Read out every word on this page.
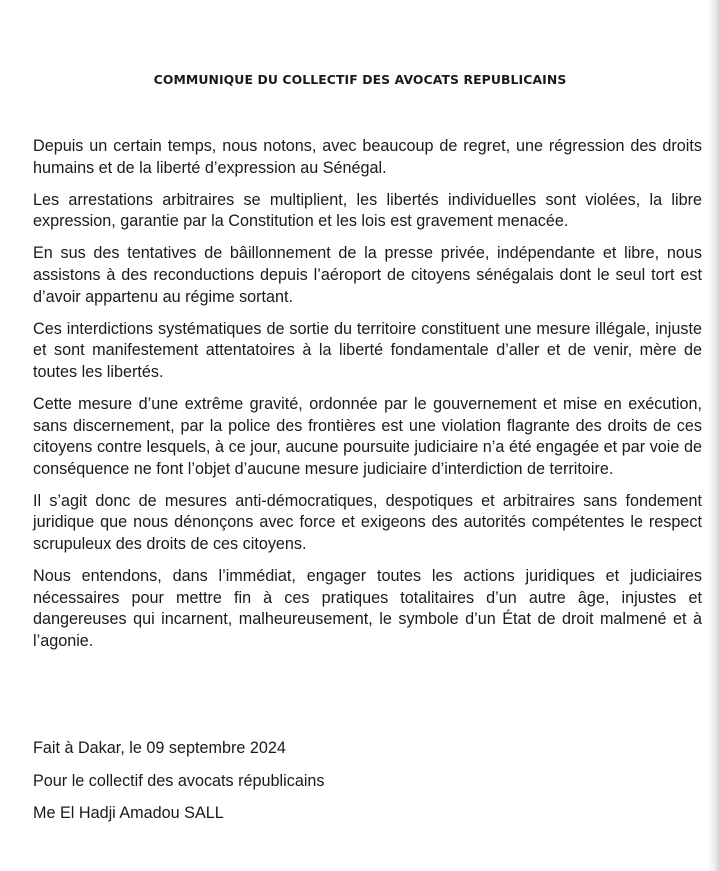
COMMUNIQUE DU COLLECTIF DES AVOCATS REPUBLICAINS

Depuis un certain temps, nous notons, avec beaucoup de regret, une régression des droits humains et de la liberté d’expression au Sénégal.

Les arrestations arbitraires se multiplient, les libertés individuelles sont violées, la libre expression, garantie par la Constitution et les lois est gravement menacée.

En sus des tentatives de bâillonnement de la presse privée, indépendante et libre, nous assistons à des reconductions depuis l’aéroport de citoyens sénégalais dont le seul tort est d’avoir appartenu au régime sortant.

Ces interdictions systématiques de sortie du territoire constituent une mesure illégale, injuste et sont manifestement attentatoires à la liberté fondamentale d’aller et de venir, mère de toutes les libertés.

Cette mesure d’une extrême gravité, ordonnée par le gouvernement et mise en exécution, sans discernement, par la police des frontières est une violation flagrante des droits de ces citoyens contre lesquels, à ce jour, aucune poursuite judiciaire n’a été engagée et par voie de conséquence ne font l’objet d’aucune mesure judiciaire d’interdiction de territoire.

Il s’agit donc de mesures anti-démocratiques, despotiques et arbitraires sans fondement juridique que nous dénonçons avec force et exigeons des autorités compétentes le respect scrupuleux des droits de ces citoyens.

Nous entendons, dans l’immédiat, engager toutes les actions juridiques et judiciaires nécessaires pour mettre fin à ces pratiques totalitaires d’un autre âge, injustes et dangereuses qui incarnent, malheureusement, le symbole d’un État de droit malmené et à l’agonie.

Fait à Dakar, le 09 septembre 2024
Pour le collectif des avocats républicains
Me El Hadji Amadou SALL
